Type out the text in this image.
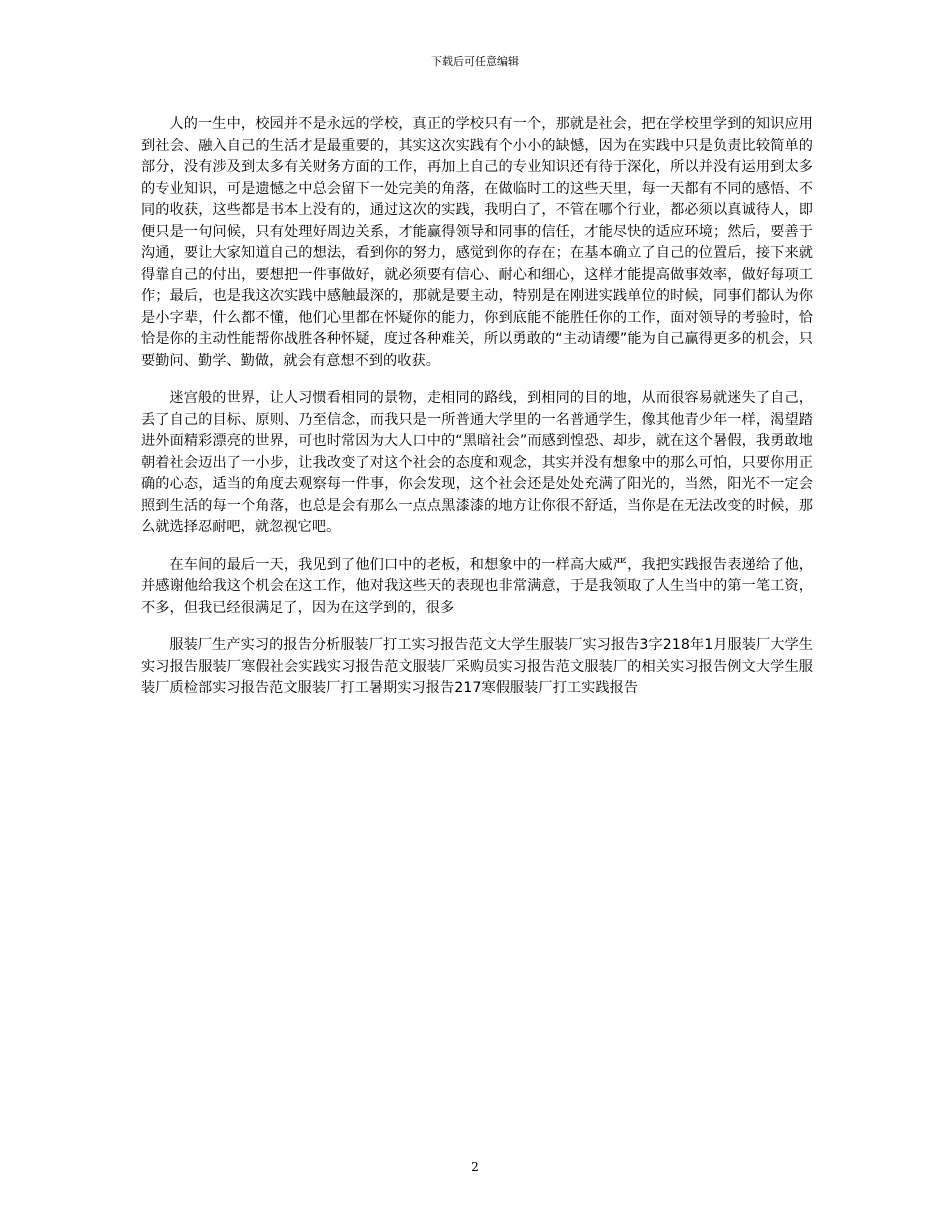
下载后可任意编辑

人的一生中，校园并不是永远的学校，真正的学校只有一个，那就是社会，把在学校里学到的知识应用到社会、融入自己的生活才是最重要的，其实这次实践有个小小的缺憾，因为在实践中只是负责比较简单的部分，没有涉及到太多有关财务方面的工作，再加上自己的专业知识还有待于深化，所以并没有运用到太多的专业知识，可是遗憾之中总会留下一处完美的角落，在做临时工的这些天里，每一天都有不同的感悟、不同的收获，这些都是书本上没有的，通过这次的实践，我明白了，不管在哪个行业，都必须以真诚待人，即便只是一句问候，只有处理好周边关系，才能赢得领导和同事的信任，才能尽快的适应环境；然后，要善于沟通，要让大家知道自己的想法，看到你的努力，感觉到你的存在；在基本确立了自己的位置后，接下来就得靠自己的付出，要想把一件事做好，就必须要有信心、耐心和细心，这样才能提高做事效率，做好每项工作；最后，也是我这次实践中感触最深的，那就是要主动，特别是在刚进实践单位的时候，同事们都认为你是小字辈，什么都不懂，他们心里都在怀疑你的能力，你到底能不能胜任你的工作，面对领导的考验时，恰恰是你的主动性能帮你战胜各种怀疑，度过各种难关，所以勇敢的“主动请缨”能为自己赢得更多的机会，只要勤问、勤学、勤做，就会有意想不到的收获。

迷宫般的世界，让人习惯看相同的景物，走相同的路线，到相同的目的地，从而很容易就迷失了自己，丢了自己的目标、原则、乃至信念，而我只是一所普通大学里的一名普通学生，像其他青少年一样，渴望踏进外面精彩漂亮的世界，可也时常因为大人口中的“黑暗社会”而感到惶恐、却步，就在这个暑假，我勇敢地朝着社会迈出了一小步，让我改变了对这个社会的态度和观念，其实并没有想象中的那么可怕，只要你用正确的心态，适当的角度去观察每一件事，你会发现，这个社会还是处处充满了阳光的，当然，阳光不一定会照到生活的每一个角落，也总是会有那么一点点黑漆漆的地方让你很不舒适，当你是在无法改变的时候，那么就选择忍耐吧，就忽视它吧。

在车间的最后一天，我见到了他们口中的老板，和想象中的一样高大威严，我把实践报告表递给了他，并感谢他给我这个机会在这工作，他对我这些天的表现也非常满意，于是我领取了人生当中的第一笔工资，不多，但我已经很满足了，因为在这学到的，很多

服装厂生产实习的报告分析服装厂打工实习报告范文大学生服装厂实习报告3字218年1月服装厂大学生实习报告服装厂寒假社会实践实习报告范文服装厂采购员实习报告范文服装厂的相关实习报告例文大学生服装厂质检部实习报告范文服装厂打工暑期实习报告217寒假服装厂打工实践报告

2
